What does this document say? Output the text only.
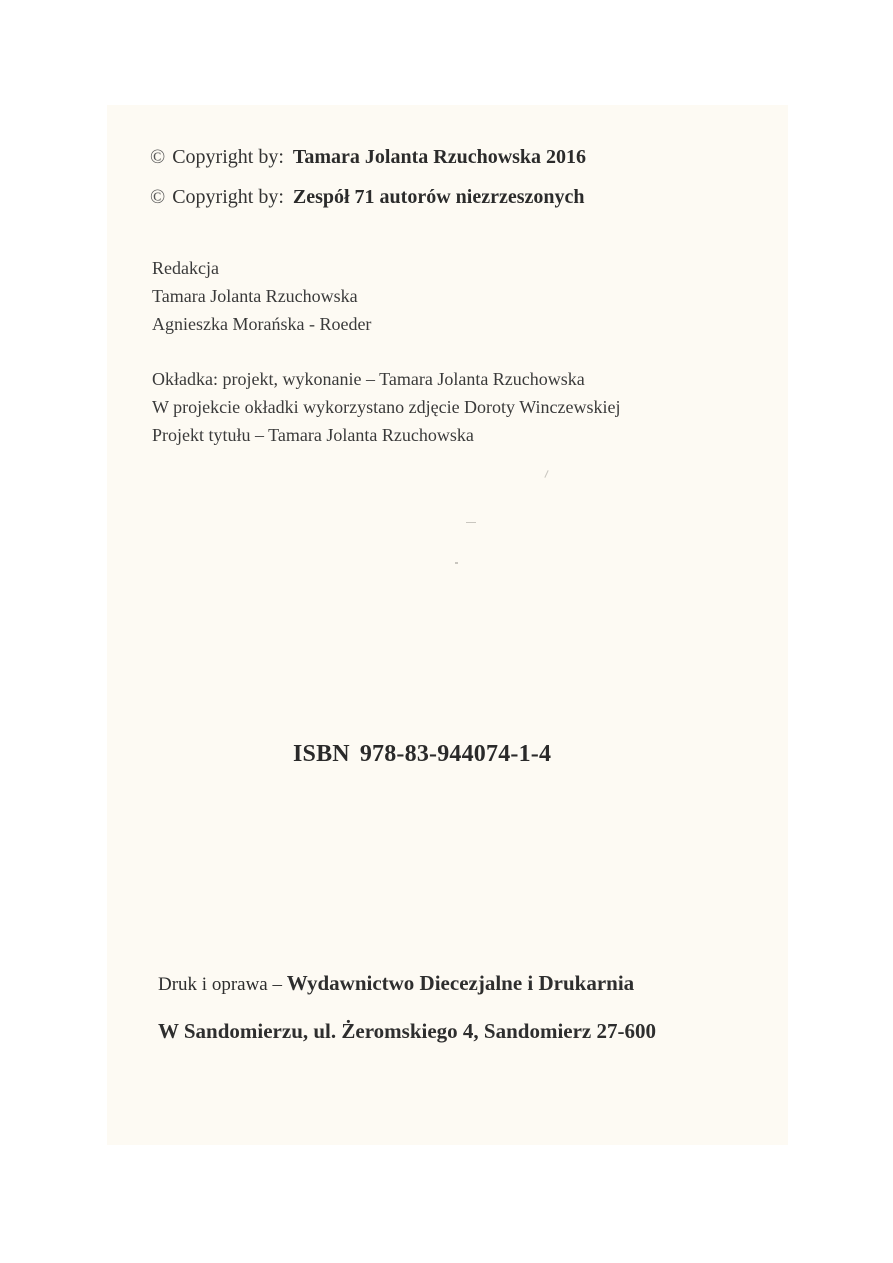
© Copyright by: Tamara Jolanta Rzuchowska 2016
© Copyright by: Zespół 71 autorów niezrzeszonych
Redakcja
Tamara Jolanta Rzuchowska
Agnieszka Morańska - Roeder
Okładka: projekt, wykonanie – Tamara Jolanta Rzuchowska
W projekcie okładki wykorzystano zdjęcie Doroty Winczewskiej
Projekt tytułu – Tamara Jolanta Rzuchowska
ISBN 978-83-944074-1-4
Druk i oprawa – Wydawnictwo Diecezjalne i Drukarnia
W Sandomierzu, ul. Żeromskiego 4, Sandomierz 27-600
